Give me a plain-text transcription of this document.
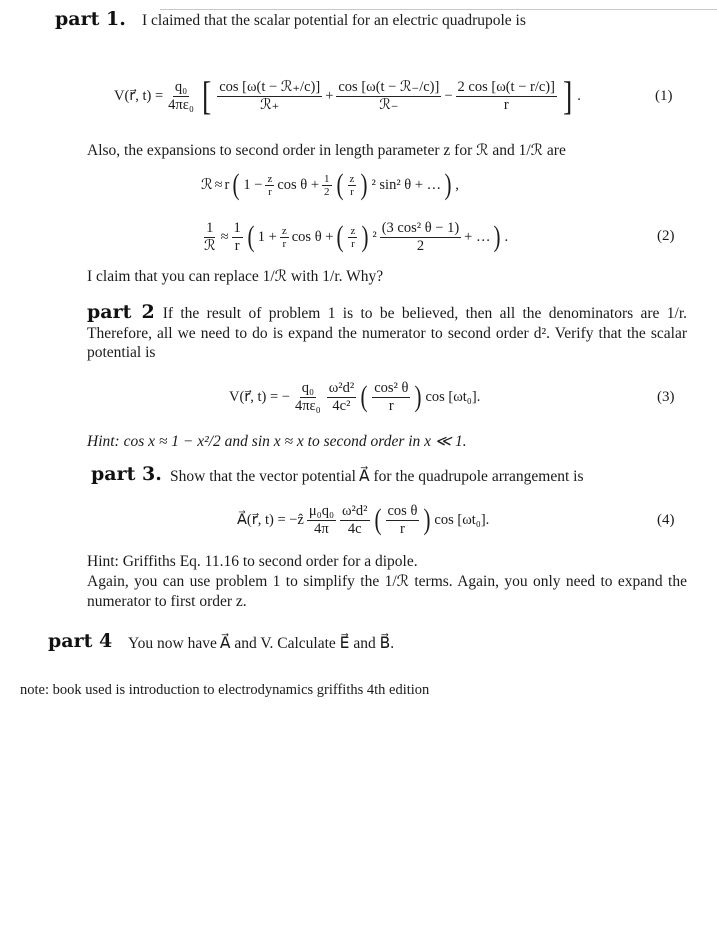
part 1. I claimed that the scalar potential for an electric quadrupole is
V(r⃗, $t) = \frac{\text{q₀}}{\text{4πε₀}}$ [ $\frac{\text{cos [ω(t − ℛ₊/c)]}}{\text{ℛ₊}} + \frac{\text{cos [ω(t − ℛ₋/c)]}}{\text{ℛ₋}} - \frac{2 \cos [\omega(t - r/c)]}{r}$ ] .	(1)
Also, the expansions to second order in length parameter z for ℛ and 1/ℛ are
ℛ ≈ r ( $1 - \frac{z}{r}$ $\cos \theta + \frac{1}{2}$ ( $\frac{z}{r}$ ) ² sin² θ + … ) ,
$\frac{1}{\text{ℛ}} \approx \frac{1}{r}$ ( $1 + \frac{z}{r}$ cos θ + ( $\frac{z}{r}$ ) $^2 \frac{\text{(3 cos² θ − 1)}}{2}$ + … ) .	(2)
I claim that you can replace 1/ℛ with 1/r. Why?
part 2 If the result of problem 1 is to be believed, then all the denominators are 1/r. Therefore, all we need to do is expand the numerator to second order d². Verify that the scalar potential is
V(r⃗, t) = − $\frac{\text{q₀}}{\text{4πε₀}} \frac{\text{ω²d²}}{\text{4c²}}$ ( $\frac{\text{cos² θ}}{r}$ ) cos [ωt₀].	(3)
Hint: cos x ≈ 1 − x²/2 and sin x ≈ x to second order in x ≪ 1.
part 3. Show that the vector potential A⃗ for the quadrupole arrangement is
A⃗(r⃗, t) = −ẑ $\frac{\text{μ₀q₀}}{4\pi} \frac{\text{ω²d²}}{4c}$ ( $\frac{\text{cos θ}}{r}$ ) cos [ωt₀].	(4)
Hint: Griffiths Eq. 11.16 to second order for a dipole.
Again, you can use problem 1 to simplify the 1/ℛ terms. Again, you only need to expand the numerator to first order z.
part 4 You now have A⃗ and V. Calculate E⃗ and B⃗.
note: book used is introduction to electrodynamics griffiths 4th edition
